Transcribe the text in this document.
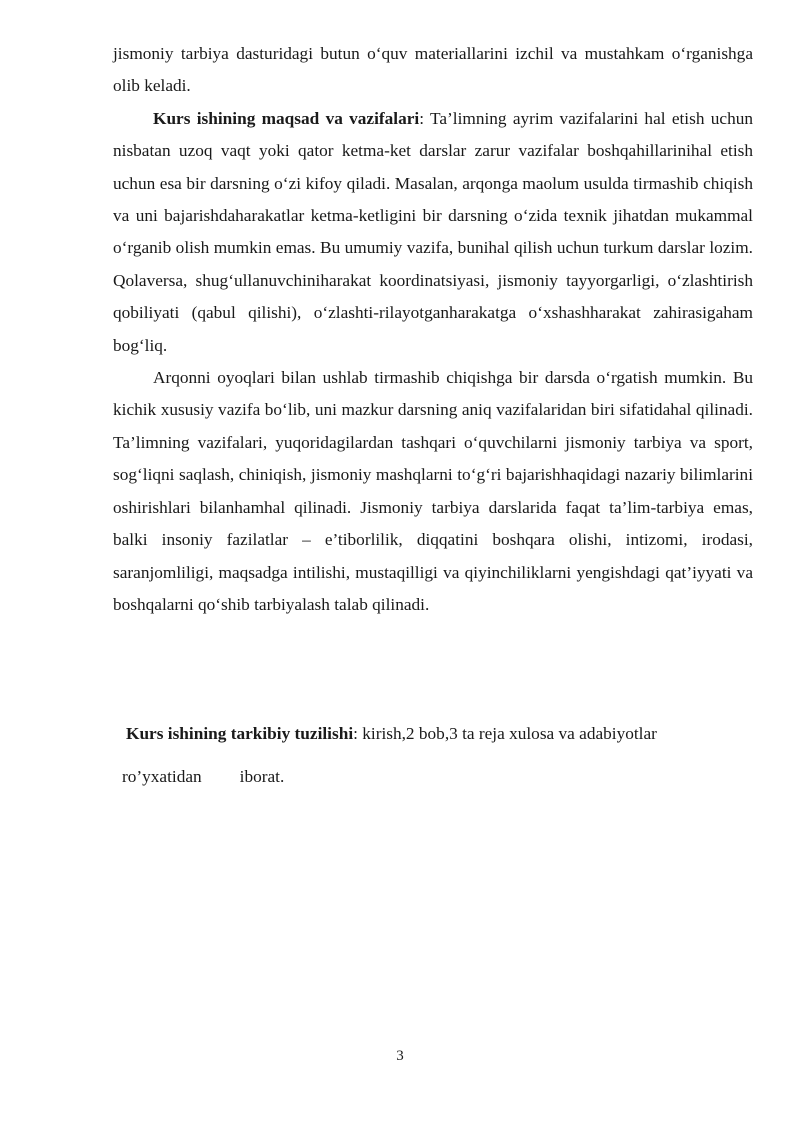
jismoniy tarbiya dasturidagi butun o‘quv materiallarini izchil va mustahkam o‘rganishga olib keladi.

Kurs ishining maqsad va vazifalari: Ta’limning ayrim vazifalarini hal etish uchun nisbatan uzoq vaqt yoki qator ketma-ket darslar zarur vazifalar boshqahillarinihal etish uchun esa bir darsning o‘zi kifoy qiladi. Masalan, arqonga maolum usulda tirmashib chiqish va uni bajarishdaharakatlar ketma-ketligini bir darsning o‘zida texnik jihatdan mukammal o‘rganib olish mumkin emas. Bu umumiy vazifa, bunihal qilish uchun turkum darslar lozim. Qolaversa, shug‘ullanuvchiniharakat koordinatsiyasi, jismoniy tayyorgarligi, o‘zlashtirish qobiliyati (qabul qilishi), o‘zlashti-rilayotganharakatga o‘xshashharakat zahirasigaham bog‘liq.

Arqonni oyoqlari bilan ushlab tirmashib chiqishga bir darsda o‘rgatish mumkin. Bu kichik xususiy vazifa bo‘lib, uni mazkur darsning aniq vazifalaridan biri sifatidahal qilinadi. Ta’limning vazifalari, yuqoridagilardan tashqari o‘quvchilarni jismoniy tarbiya va sport, sog‘liqni saqlash, chiniqish, jismoniy mashqlarni to‘g‘ri bajarishhaqidagi nazariy bilimlarini oshirishlari bilanhamhal qilinadi. Jismoniy tarbiya darslarida faqat ta’lim-tarbiya emas, balki insoniy fazilatlar – e’tiborlilik, diqqatini boshqara olishi, intizomi, irodasi, saranjomliligi, maqsadga intilishi, mustaqilligi va qiyinchiliklarni yengishdagi qat’iyyati va boshqalarni qo‘shib tarbiyalash talab qilinadi.

Kurs ishining tarkibiy tuzilishi: kirish,2 bob,3 ta reja xulosa va adabiyotlar
ro’yxatidan iborat.
3
